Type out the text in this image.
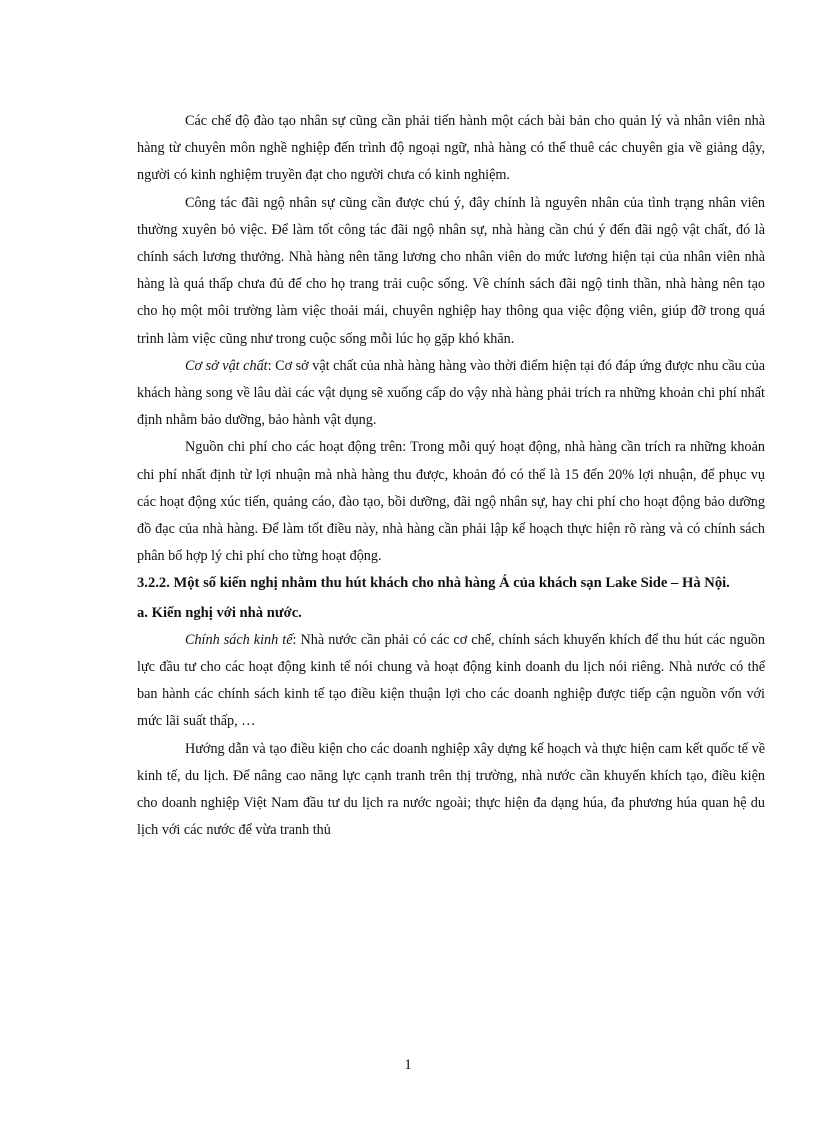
Các chế độ đào tạo nhân sự cũng cần phải tiến hành một cách bài bản cho quản lý và nhân viên nhà hàng từ chuyên môn nghề nghiệp đến trình độ ngoại ngữ, nhà hàng có thể thuê các chuyên gia về giảng dậy, người có kinh nghiệm truyền đạt cho người chưa có kinh nghiệm.

Công tác đãi ngộ nhân sự cũng cần được chú ý, đây chính là nguyên nhân của tình trạng nhân viên thường xuyên bỏ việc. Để làm tốt công tác đãi ngộ nhân sự, nhà hàng cần chú ý đến đãi ngộ vật chất, đó là chính sách lương thưởng. Nhà hàng nên tăng lương cho nhân viên do mức lương hiện tại của nhân viên nhà hàng là quá thấp chưa đủ để cho họ trang trải cuộc sống. Về chính sách đãi ngộ tinh thần, nhà hàng nên tạo cho họ một môi trường làm việc thoải mái, chuyên nghiệp hay thông qua việc động viên, giúp đỡ trong quá trình làm việc cũng như trong cuộc sống mỗi lúc họ gặp khó khăn.

Cơ sở vật chất: Cơ sở vật chất của nhà hàng hàng vào thời điểm hiện tại đó đáp ứng được nhu cầu của khách hàng song về lâu dài các vật dụng sẽ xuống cấp do vậy nhà hàng phải trích ra những khoản chi phí nhất định nhằm bảo dưỡng, bảo hành vật dụng.

Nguồn chi phí cho các hoạt động trên: Trong mỗi quý hoạt động, nhà hàng cần trích ra những khoản chi phí nhất định từ lợi nhuận mà nhà hàng thu được, khoản đó có thể là 15 đến 20% lợi nhuận, để phục vụ các hoạt động xúc tiến, quảng cáo, đào tạo, bồi dưỡng, đãi ngộ nhân sự, hay chi phí cho hoạt động bảo dưỡng đồ đạc của nhà hàng. Để làm tốt điều này, nhà hàng cần phải lập kế hoạch thực hiện rõ ràng và có chính sách phân bổ hợp lý chi phí cho từng hoạt động.

3.2.2. Một số kiến nghị nhằm thu hút khách cho nhà hàng Á của khách sạn Lake Side – Hà Nội.

a. Kiến nghị với nhà nước.

Chính sách kinh tế: Nhà nước cần phải có các cơ chế, chính sách khuyến khích để thu hút các nguồn lực đầu tư cho các hoạt động kinh tế nói chung và hoạt động kinh doanh du lịch nói riêng. Nhà nước có thể ban hành các chính sách kinh tế tạo điều kiện thuận lợi cho các doanh nghiệp được tiếp cận nguồn vốn với mức lãi suất thấp, …

Hướng dẫn và tạo điều kiện cho các doanh nghiệp xây dựng kế hoạch và thực hiện cam kết quốc tế về kinh tế, du lịch. Để nâng cao năng lực cạnh tranh trên thị trường, nhà nước cần khuyến khích tạo, điều kiện cho doanh nghiệp Việt Nam đầu tư du lịch ra nước ngoài; thực hiện đa dạng húa, đa phương húa quan hệ du lịch với các nước để vừa tranh thủ

1
